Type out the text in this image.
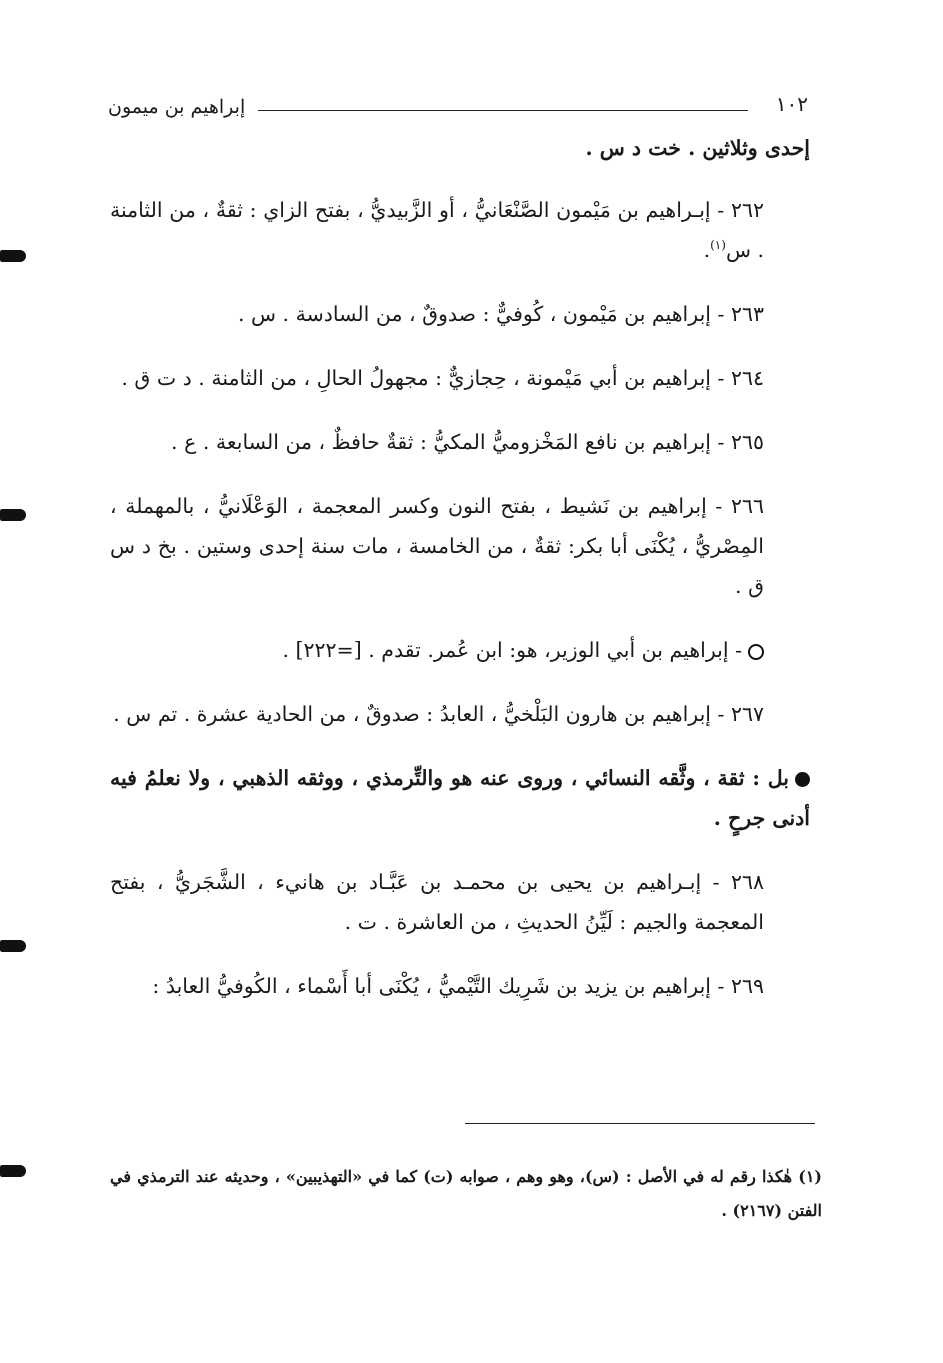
إبراهيم بن ميمون	١٠٢

إحدى وثلاثين . خت د س .

٢٦٢ - إبـراهيم بن مَيْمون الصَّنْعَانيُّ ، أو الزَّبيديُّ ، بفتح الزاي : ثقةٌ ، من الثامنة . س$^{(١)}$.

٢٦٣ - إبراهيم بن مَيْمون ، كُوفيٌّ : صدوقٌ ، من السادسة . س .

٢٦٤ - إبراهيم بن أبي مَيْمونة ، حِجازيٌّ : مجهولُ الحالِ ، من الثامنة . د ت ق .

٢٦٥ - إبراهيم بن نافع المَخْزوميُّ المكيُّ : ثقةٌ حافظٌ ، من السابعة . ع .

٢٦٦ - إبراهيم بن نَشيط ، بفتح النون وكسر المعجمة ، الوَعْلَانيُّ ، بالمهملة ، المِصْريُّ ، يُكْنَى أبا بكر: ثقةٌ ، من الخامسة ، مات سنة إحدى وستين . بخ د س ق .

- إبراهيم بن أبي الوزير، هو: ابن عُمر. تقدم . [=٢٢٢] .

٢٦٧ - إبراهيم بن هارون البَلْخيُّ ، العابدُ : صدوقٌ ، من الحادية عشرة . تم س .

بل : ثقة ، وثَّقه النسائي ، وروى عنه هو والتِّرمذي ، ووثقه الذهبي ، ولا نعلمُ فيه أدنى جرحٍ .

٢٦٨ - إبـراهيم بن يحيى بن محمـد بن عَبَّـاد بن هانيء ، الشَّجَريُّ ، بفتح المعجمة والجيم : لَيِّنُ الحديثِ ، من العاشرة . ت .

٢٦٩ - إبراهيم بن يزيد بن شَرِيك التَّيْميُّ ، يُكْنَى أبا أَسْماء ، الكُوفيُّ العابدُ :

(١) هٰكذا رقم له في الأصل : (س)، وهو وهم ، صوابه (ت) كما في «التهذيبين» ، وحديثه عند الترمذي في الفتن (٢١٦٧) .
